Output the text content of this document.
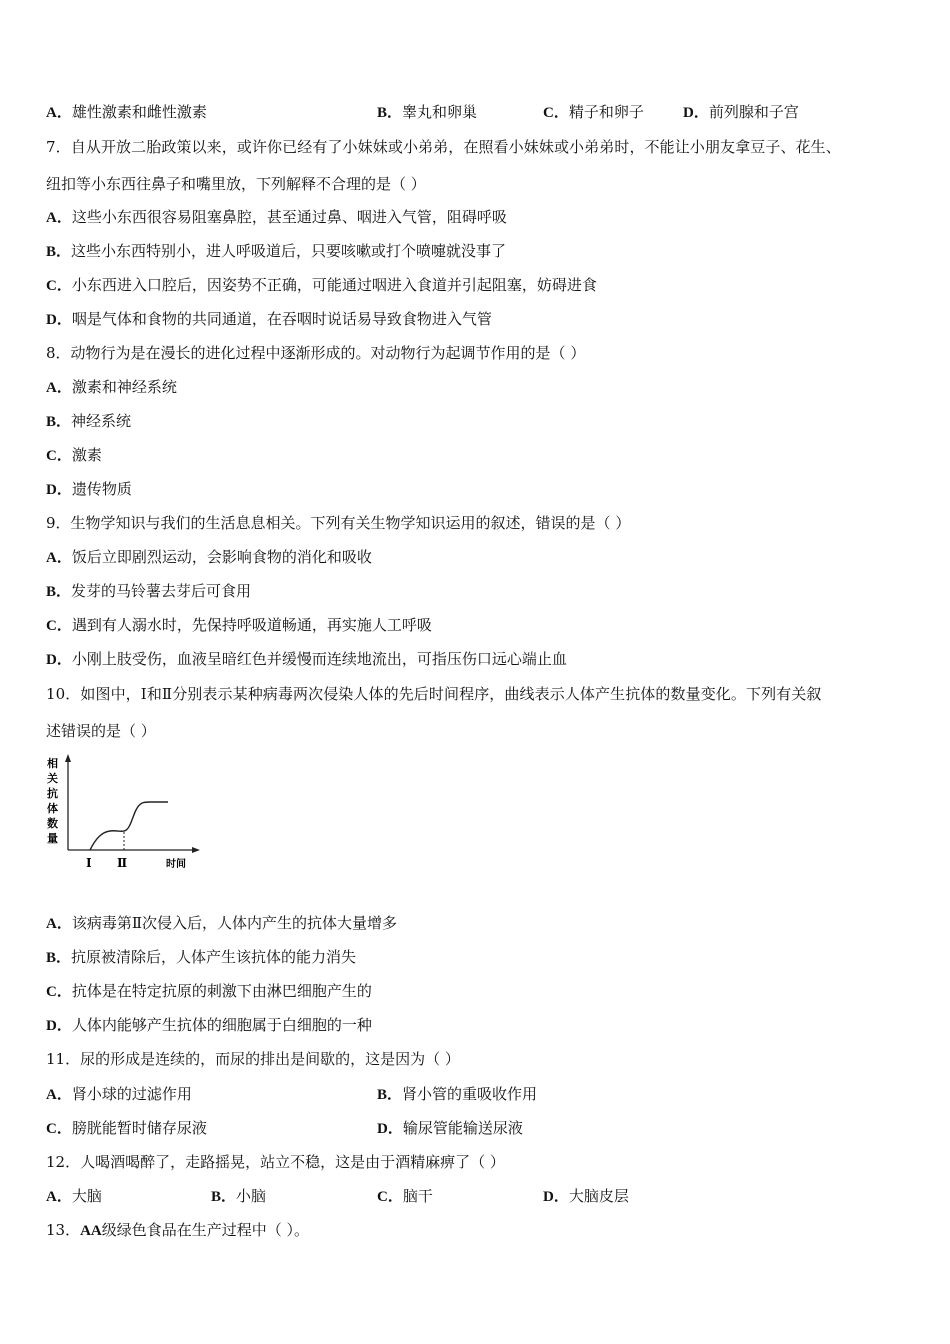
A．雄性激素和雌性激素	B．睾丸和卵巢	C．精子和卵子	D．前列腺和子宫
7．自从开放二胎政策以来，或许你已经有了小妹妹或小弟弟，在照看小妹妹或小弟弟时，不能让小朋友拿豆子、花生、
纽扣等小东西往鼻子和嘴里放，下列解释不合理的是（ ）
A．这些小东西很容易阻塞鼻腔，甚至通过鼻、咽进入气管，阻碍呼吸
B．这些小东西特别小，进人呼吸道后，只要咳嗽或打个喷嚏就没事了
C．小东西进入口腔后，因姿势不正确，可能通过咽进入食道并引起阻塞，妨碍进食
D．咽是气体和食物的共同通道，在吞咽时说话易导致食物进入气管
8．动物行为是在漫长的进化过程中逐渐形成的。对动物行为起调节作用的是（ ）
A．激素和神经系统
B．神经系统
C．激素
D．遗传物质
9．生物学知识与我们的生活息息相关。下列有关生物学知识运用的叙述，错误的是（ ）
A．饭后立即剧烈运动，会影响食物的消化和吸收
B．发芽的马铃薯去芽后可食用
C．遇到有人溺水时，先保持呼吸道畅通，再实施人工呼吸
D．小刚上肢受伤，血液呈暗红色并缓慢而连续地流出，可指压伤口远心端止血
10．如图中，Ⅰ和Ⅱ分别表示某种病毒两次侵染人体的先后时间程序，曲线表示人体产生抗体的数量变化。下列有关叙
述错误的是（ ）
相
关
抗
体
数
量
Ⅰ Ⅱ	时间
A．该病毒第Ⅱ次侵入后，人体内产生的抗体大量增多
B．抗原被清除后，人体产生该抗体的能力消失
C．抗体是在特定抗原的刺激下由淋巴细胞产生的
D．人体内能够产生抗体的细胞属于白细胞的一种
11．尿的形成是连续的，而尿的排出是间歇的，这是因为（ ）
A．肾小球的过滤作用	B．肾小管的重吸收作用
C．膀胱能暂时储存尿液	D．输尿管能输送尿液
12．人喝酒喝醉了，走路摇晃，站立不稳，这是由于酒精麻痹了（ ）
A．大脑	B．小脑	C．脑干	D．大脑皮层
13．AA级绿色食品在生产过程中（ ）。
